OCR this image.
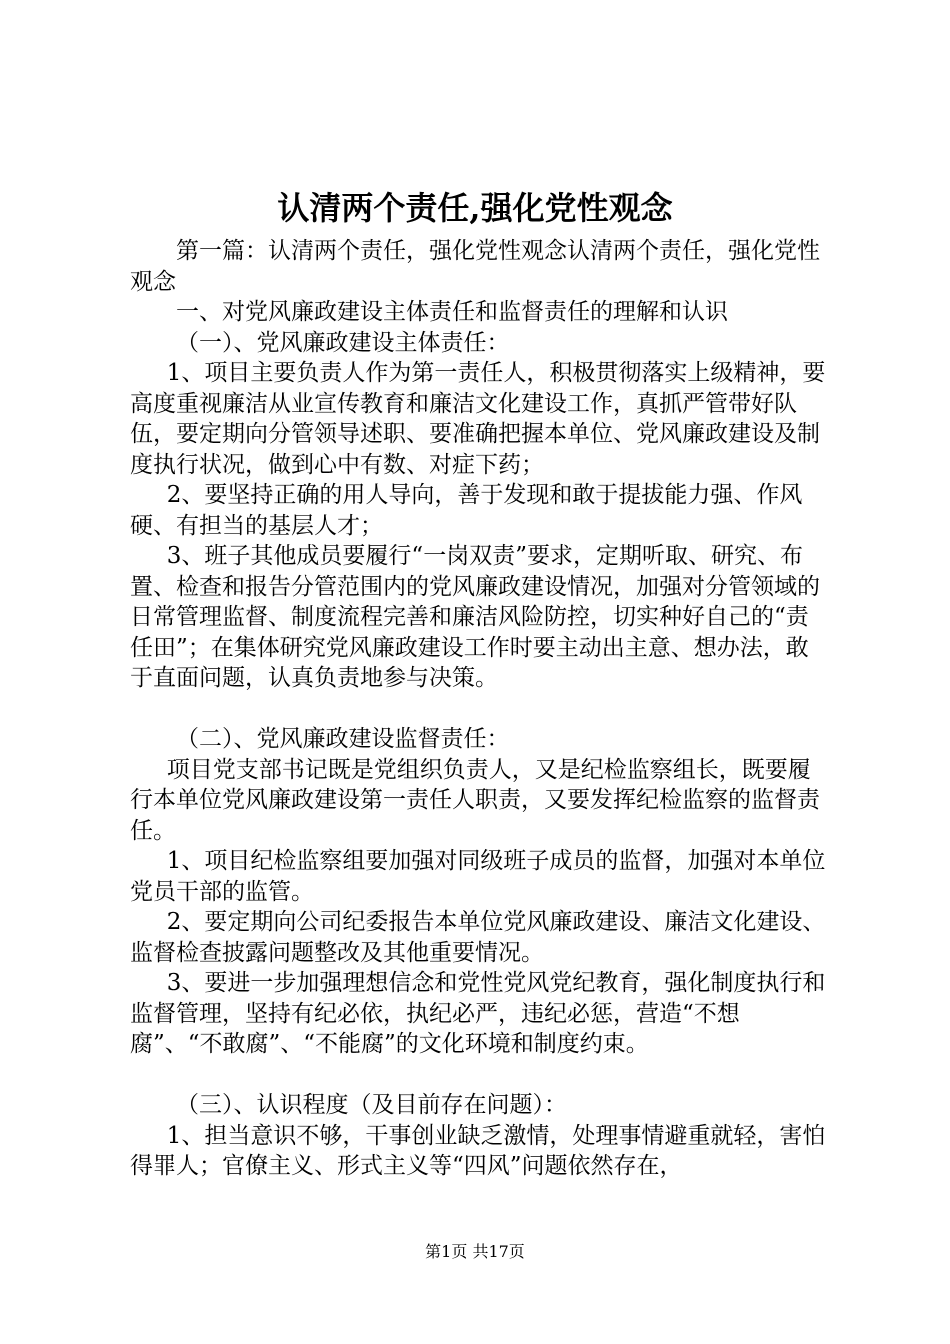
认清两个责任,强化党性观念

第一篇：认清两个责任，强化党性观念认清两个责任，强化党性观念

一、对党风廉政建设主体责任和监督责任的理解和认识

（一）、党风廉政建设主体责任：

1、项目主要负责人作为第一责任人，积极贯彻落实上级精神，要高度重视廉洁从业宣传教育和廉洁文化建设工作，真抓严管带好队伍，要定期向分管领导述职、要准确把握本单位、党风廉政建设及制度执行状况，做到心中有数、对症下药；

2、要坚持正确的用人导向，善于发现和敢于提拔能力强、作风硬、有担当的基层人才；

3、班子其他成员要履行“一岗双责”要求，定期听取、研究、布置、检查和报告分管范围内的党风廉政建设情况，加强对分管领域的日常管理监督、制度流程完善和廉洁风险防控，切实种好自己的“责任田”；在集体研究党风廉政建设工作时要主动出主意、想办法，敢于直面问题，认真负责地参与决策。

（二）、党风廉政建设监督责任：

项目党支部书记既是党组织负责人，又是纪检监察组长，既要履行本单位党风廉政建设第一责任人职责，又要发挥纪检监察的监督责任。

1、项目纪检监察组要加强对同级班子成员的监督，加强对本单位党员干部的监管。

2、要定期向公司纪委报告本单位党风廉政建设、廉洁文化建设、监督检查披露问题整改及其他重要情况。

3、要进一步加强理想信念和党性党风党纪教育，强化制度执行和监督管理，坚持有纪必依，执纪必严，违纪必惩，营造“不想腐”、“不敢腐”、“不能腐”的文化环境和制度约束。

（三）、认识程度（及目前存在问题）：

1、担当意识不够，干事创业缺乏激情，处理事情避重就轻，害怕得罪人；官僚主义、形式主义等“四风”问题依然存在，

第1页 共17页
